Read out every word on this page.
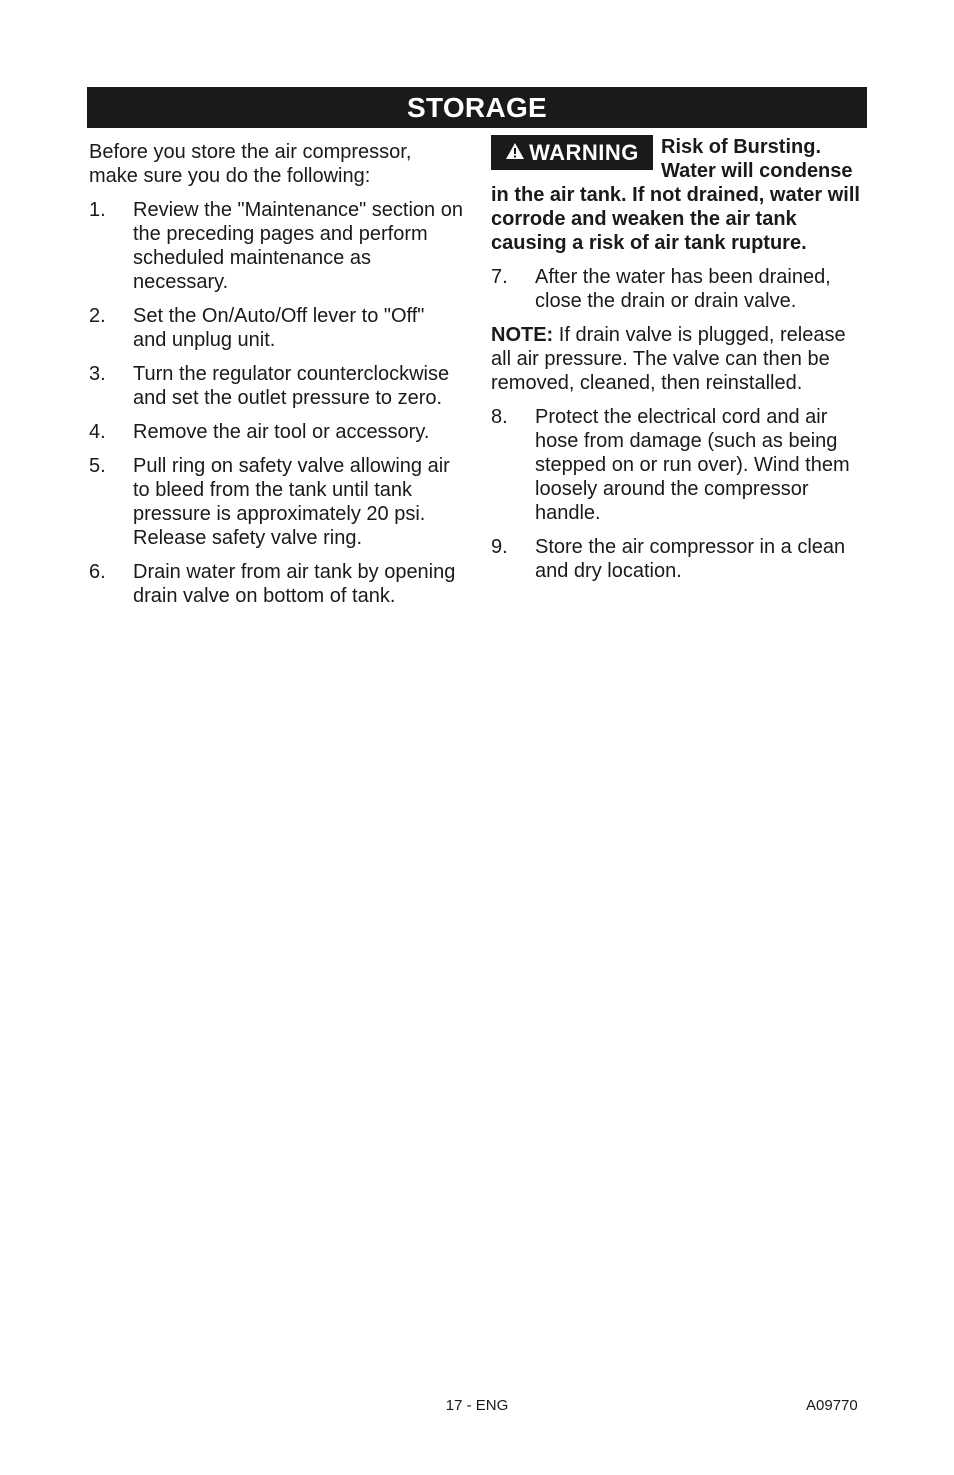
STORAGE

Before you store the air compressor, make sure you do the following:

1. Review the "Maintenance" section on the preceding pages and perform scheduled maintenance as necessary.
2. Set the On/Auto/Off lever to "Off" and unplug unit.
3. Turn the regulator counterclockwise and set the outlet pressure to zero.
4. Remove the air tool or accessory.
5. Pull ring on safety valve allowing air to bleed from the tank until tank pressure is approximately 20 psi. Release safety valve ring.
6. Drain water from air tank by opening drain valve on bottom of tank.
WARNING	Risk of Bursting.
Water will condense in the air tank. If not drained, water will corrode and weaken the air tank causing a risk of air tank rupture.
7. After the water has been drained, close the drain or drain valve.

NOTE: If drain valve is plugged, release all air pressure. The valve can then be removed, cleaned, then reinstalled.

8. Protect the electrical cord and air hose from damage (such as being stepped on or run over). Wind them loosely around the compressor handle.
9. Store the air compressor in a clean and dry location.
17 - ENG	A09770
